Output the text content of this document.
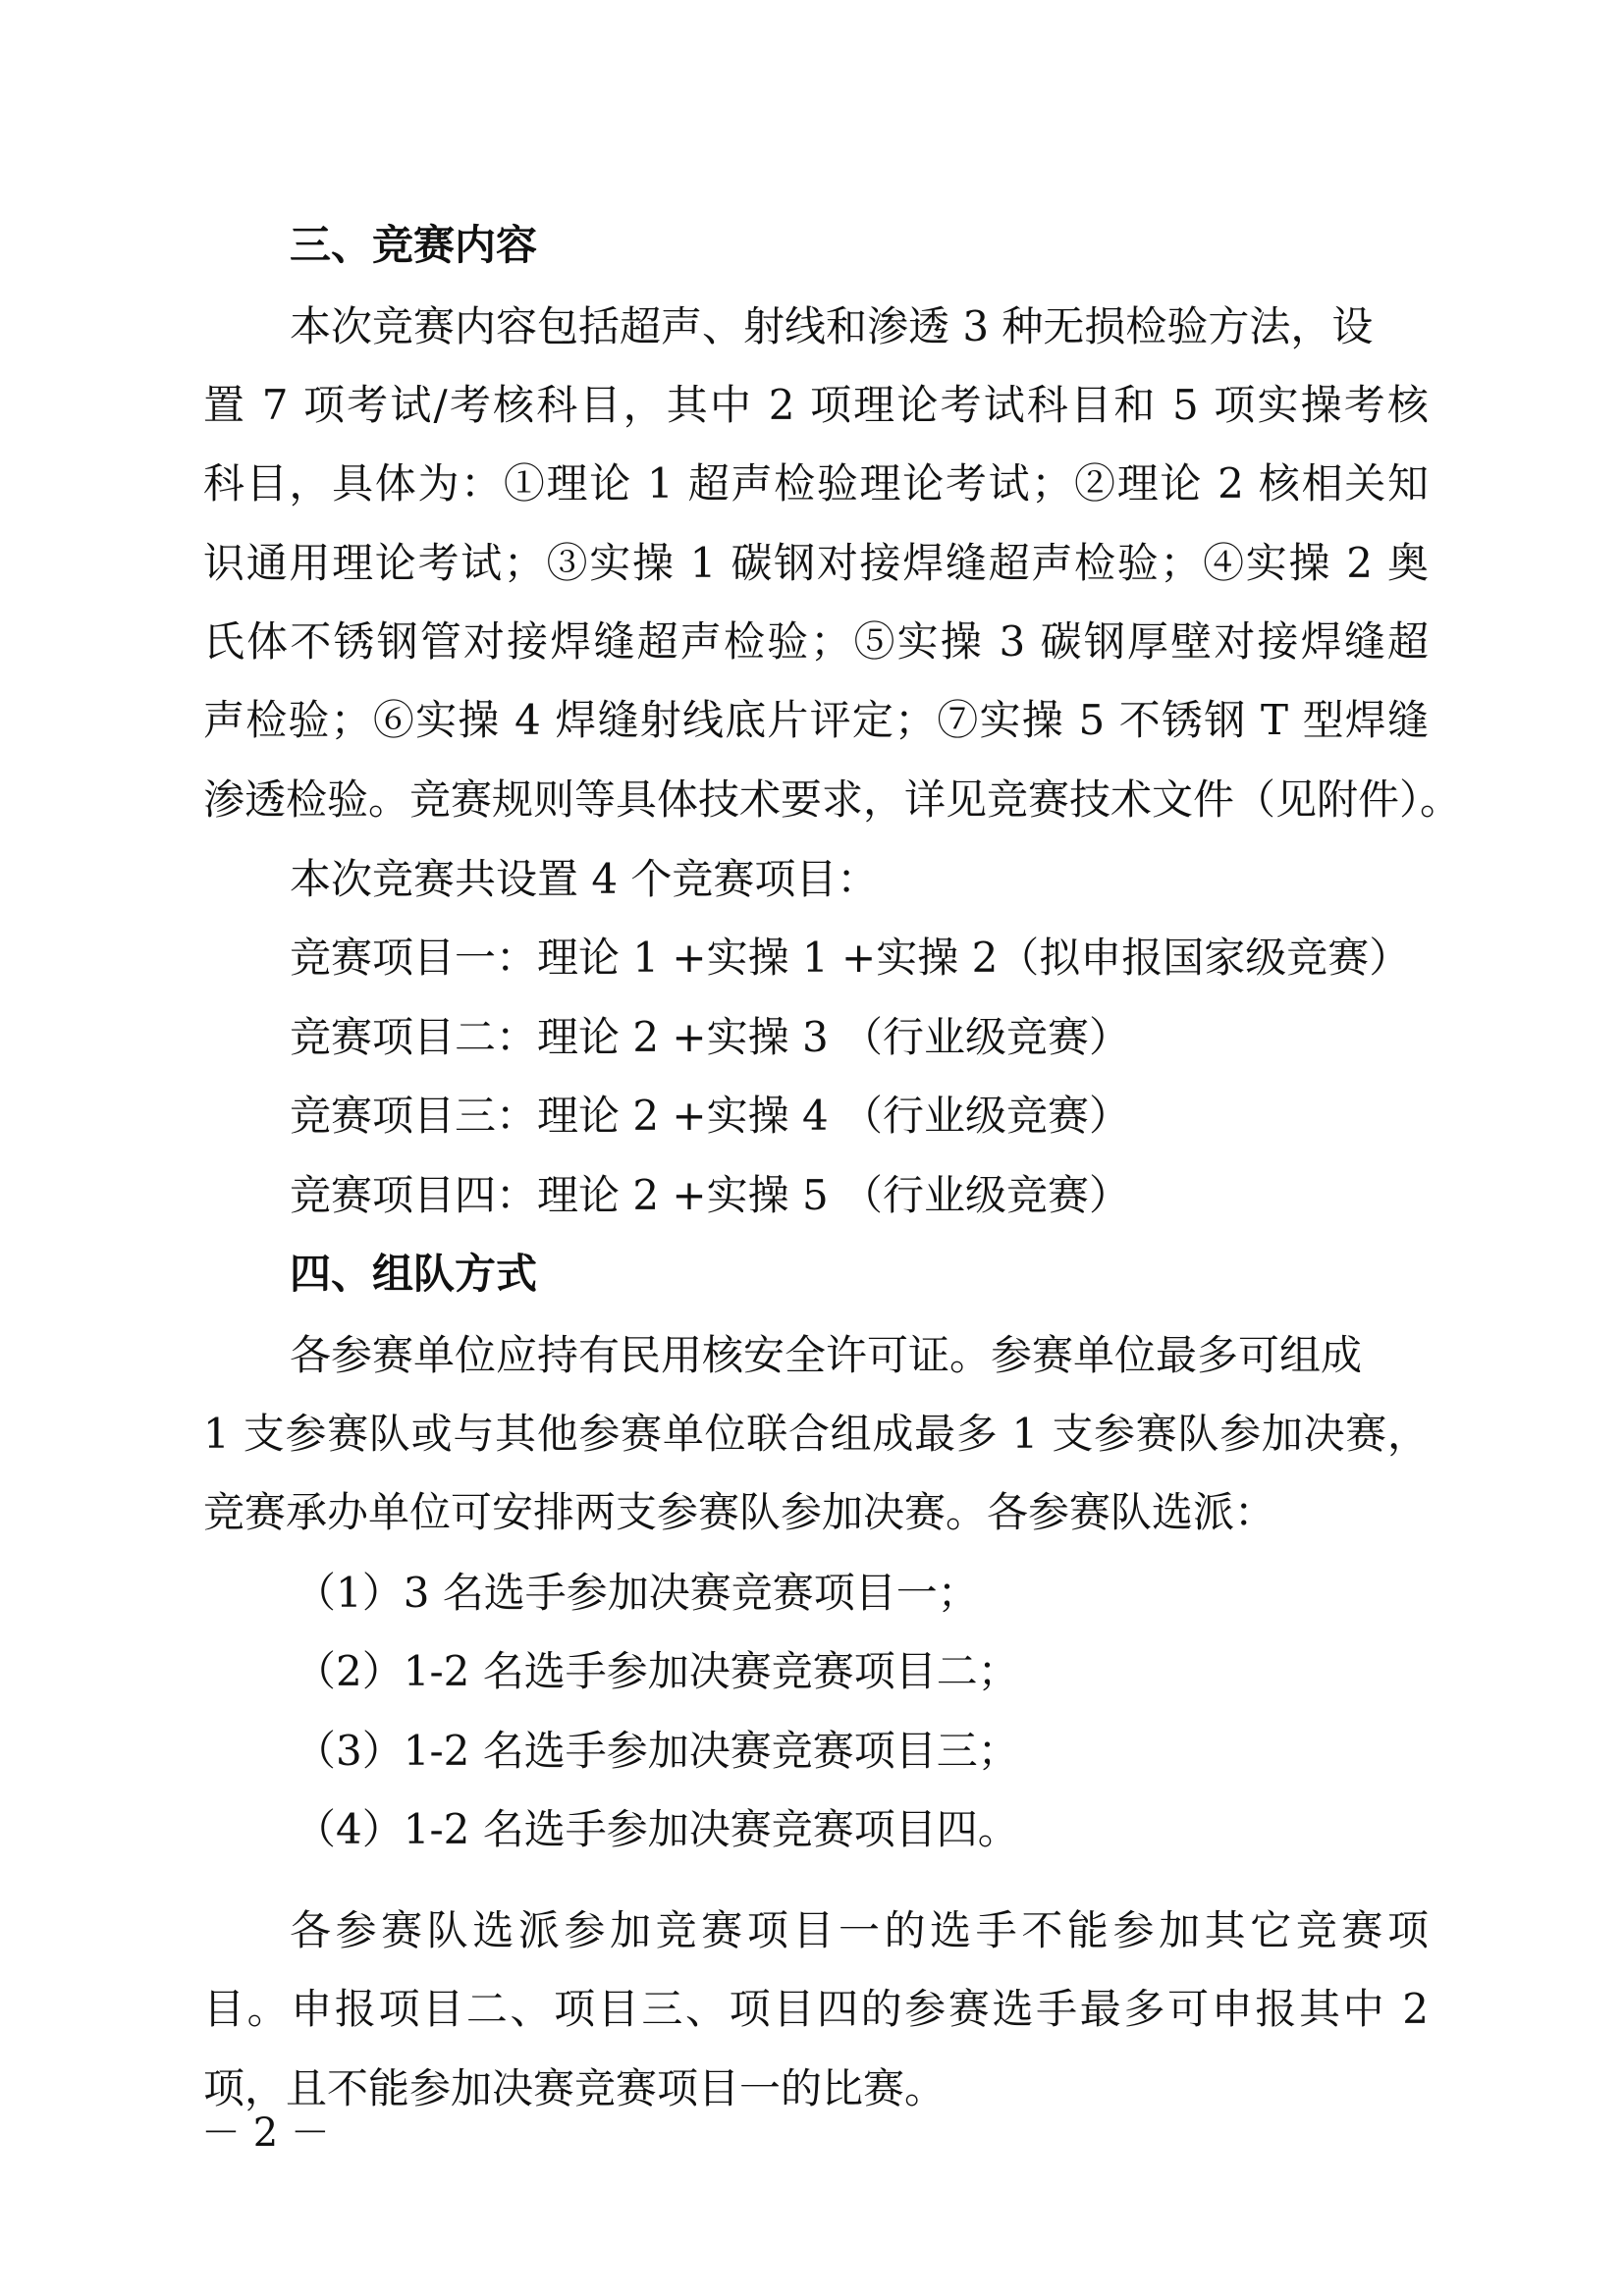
三、竞赛内容
本次竞赛内容包括超声、射线和渗透 3 种无损检验方法，设
置 7 项考试/考核科目，其中 2 项理论考试科目和 5 项实操考核
科目，具体为：①理论 1 超声检验理论考试；②理论 2 核相关知
识通用理论考试；③实操 1 碳钢对接焊缝超声检验；④实操 2 奥
氏体不锈钢管对接焊缝超声检验；⑤实操 3 碳钢厚壁对接焊缝超
声检验；⑥实操 4 焊缝射线底片评定；⑦实操 5 不锈钢 T 型焊缝
渗透检验。竞赛规则等具体技术要求，详见竞赛技术文件（见附件）。
本次竞赛共设置 4 个竞赛项目：
竞赛项目一：理论 1 +实操 1 +实操 2（拟申报国家级竞赛）
竞赛项目二：理论 2 +实操 3 （行业级竞赛）
竞赛项目三：理论 2 +实操 4 （行业级竞赛）
竞赛项目四：理论 2 +实操 5 （行业级竞赛）
四、组队方式
各参赛单位应持有民用核安全许可证。参赛单位最多可组成
1 支参赛队或与其他参赛单位联合组成最多 1 支参赛队参加决赛，
竞赛承办单位可安排两支参赛队参加决赛。各参赛队选派：
（1）3 名选手参加决赛竞赛项目一；
（2）1-2 名选手参加决赛竞赛项目二；
（3）1-2 名选手参加决赛竞赛项目三；
（4）1-2 名选手参加决赛竞赛项目四。
各参赛队选派参加竞赛项目一的选手不能参加其它竞赛项
目。申报项目二、项目三、项目四的参赛选手最多可申报其中 2
项，且不能参加决赛竞赛项目一的比赛。
－ 2 －
